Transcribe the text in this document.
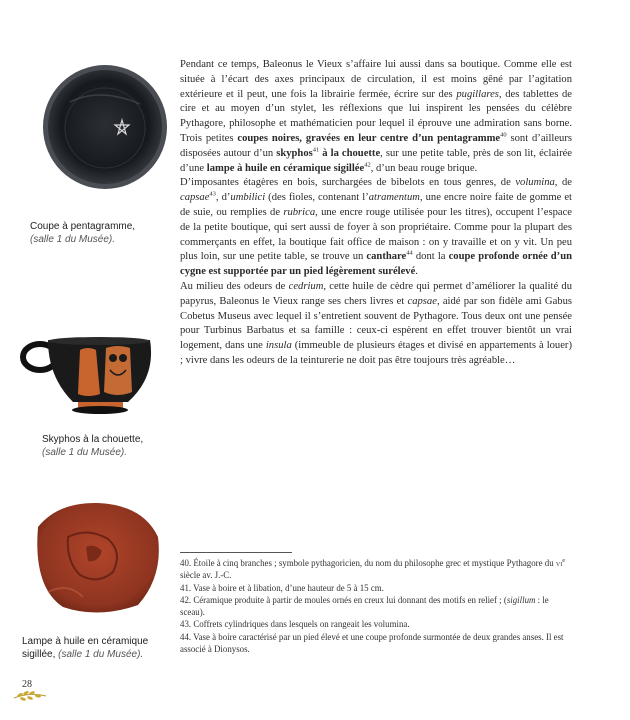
Coupe à pentagramme,
(salle 1 du Musée).
Skyphos à la chouette,
(salle 1 du Musée).
Lampe à huile en céramique
sigillée, (salle 1 du Musée).

Pendant ce temps, Baleonus le Vieux s’affaire lui aussi dans sa boutique. Comme elle est située à l’écart des axes principaux de circulation, il est moins gêné par l’agitation extérieure et il peut, une fois la librairie fermée, écrire sur des pugillares, des tablettes de cire et au moyen d’un stylet, les réflexions que lui inspirent les pensées du célèbre Pythagore, philosophe et mathématicien pour lequel il éprouve une admiration sans borne. Trois petites coupes noires, gravées en leur centre d’un pentagramme$^{40}$ sont d’ailleurs disposées autour d’un skyphos$^{41}$ à la chouette, sur une petite table, près de son lit, éclairée d’une lampe à huile en céramique sigillée$^{42}$, d’un beau rouge brique.

D’imposantes étagères en bois, surchargées de bibelots en tous genres, de volumina, de capsae$^{43}$, d’umbilici (des fioles, contenant l’atramentum, une encre noire faite de gomme et de suie, ou remplies de rubrica, une encre rouge utilisée pour les titres), occupent l’espace de la petite boutique, qui sert aussi de foyer à son propriétaire. Comme pour la plupart des commerçants en effet, la boutique fait office de maison : on y travaille et on y vit. Un peu plus loin, sur une petite table, se trouve un canthare$^{44}$ dont la coupe profonde ornée d’un cygne est supportée par un pied légèrement surélevé.

Au milieu des odeurs de cedrium, cette huile de cèdre qui permet d’améliorer la qualité du papyrus, Baleonus le Vieux range ses chers livres et capsae, aidé par son fidèle ami Gabus Cobetus Museus avec lequel il s’entretient souvent de Pythagore. Tous deux ont une pensée pour Turbinus Barbatus et sa famille : ceux-ci espèrent en effet trouver bientôt un vrai logement, dans une insula (immeuble de plusieurs étages et divisé en appartements à louer) ; vivre dans les odeurs de la teinturerie ne doit pas être toujours très agréable…

40. Étoile à cinq branches ; symbole pythagoricien, du nom du philosophe grec et mystique Pythagore du $vi^e$ siècle av. J.-C.

41. Vase à boire et à libation, d’une hauteur de 5 à 15 cm.

42. Céramique produite à partir de moules ornés en creux lui donnant des motifs en relief ; (sigillum : le sceau).

43. Coffrets cylindriques dans lesquels on rangeait les volumina.

44. Vase à boire caractérisé par un pied élevé et une coupe profonde surmontée de deux grandes anses. Il est associé à Dionysos.

28
